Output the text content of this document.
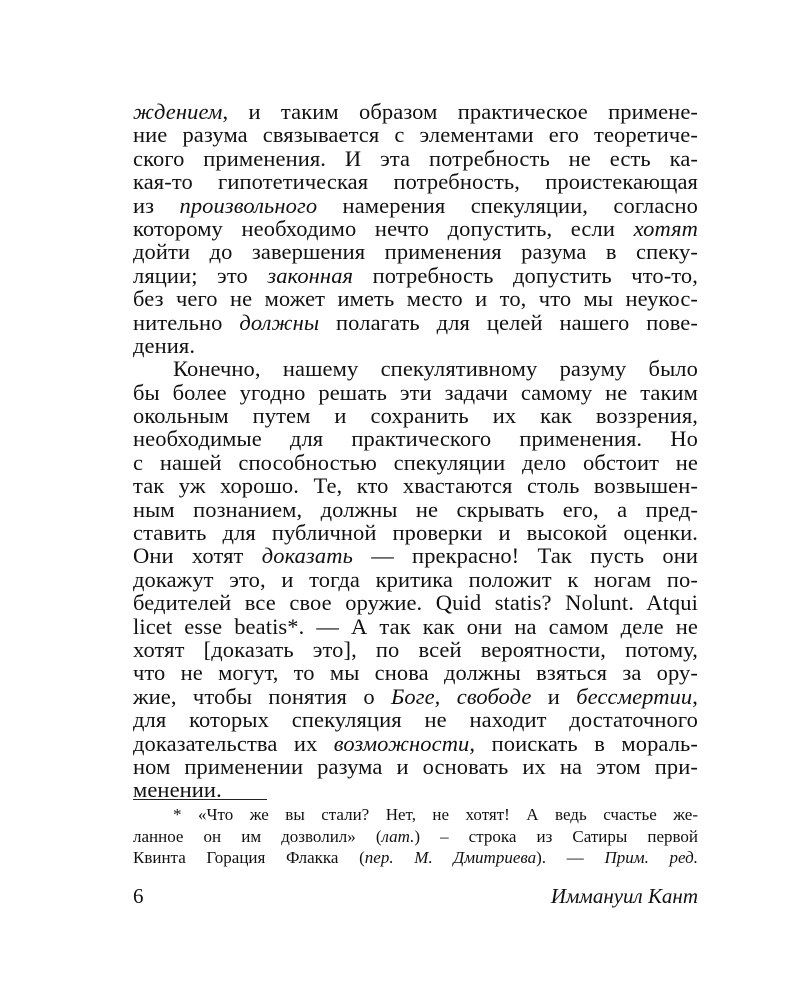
ждением, и таким образом практическое примене-
ние разума связывается с элементами его теоретиче-
ского применения. И эта потребность не есть ка-
кая-то гипотетическая потребность, проистекающая
из произвольного намерения спекуляции, согласно
которому необходимо нечто допустить, если хотят
дойти до завершения применения разума в спеку-
ляции; это законная потребность допустить что-то,
без чего не может иметь место и то, что мы неукос-
нительно должны полагать для целей нашего пове-
дения.
Конечно, нашему спекулятивному разуму было
бы более угодно решать эти задачи самому не таким
окольным путем и сохранить их как воззрения,
необходимые для практического применения. Но
с нашей способностью спекуляции дело обстоит не
так уж хорошо. Те, кто хвастаются столь возвышен-
ным познанием, должны не скрывать его, а пред-
ставить для публичной проверки и высокой оценки.
Они хотят доказать — прекрасно! Так пусть они
докажут это, и тогда критика положит к ногам по-
бедителей все свое оружие. Quid statis? Nolunt. Atqui
licet esse beatis*. — А так как они на самом деле не
хотят [доказать это], по всей вероятности, потому,
что не могут, то мы снова должны взяться за ору-
жие, чтобы понятия о Боге, свободе и бессмертии,
для которых спекуляция не находит достаточного
доказательства их возможности, поискать в мораль-
ном применении разума и основать их на этом при-
менении.
* «Что же вы стали? Нет, не хотят! А ведь счастье же-
ланное он им дозволил» (лат.) – строка из Сатиры первой
Квинта Горация Флакка (пер. М. Дмитриева). — Прим. ред.
6	Иммануил Кант
